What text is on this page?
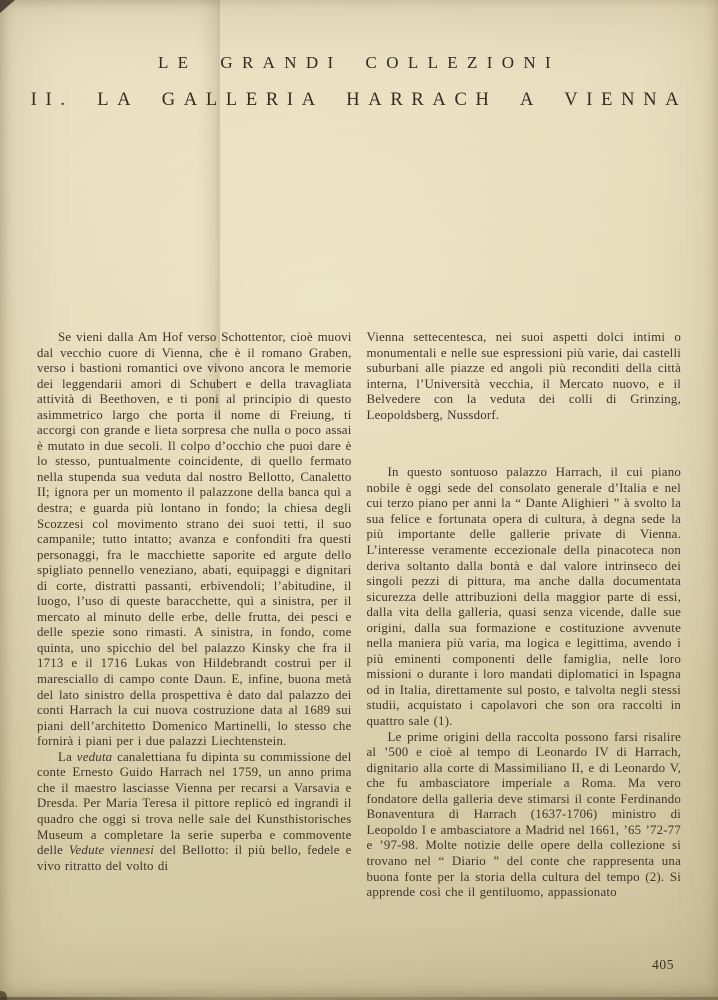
LE GRANDI COLLEZIONI
II. LA GALLERIA HARRACH A VIENNA

Se vieni dalla Am Hof verso Schottentor, cioè muovi dal vecchio cuore di Vienna, che è il romano Graben, verso i bastioni romantici ove vivono ancora le memorie dei leggendarii amori di Schubert e della travagliata attività di Beethoven, e ti poni al principio di questo asimmetrico largo che porta il nome di Freiung, ti accorgi con grande e lieta sorpresa che nulla o poco assai è mutato in due secoli. Il colpo d’occhio che puoi dare è lo stesso, puntualmente coincidente, di quello fermato nella stupenda sua veduta dal nostro Bellotto, Canaletto II; ignora per un momento il palazzone della banca quì a destra; e guarda più lontano in fondo; la chiesa degli Scozzesi col movimento strano dei suoi tetti, il suo campanile; tutto intatto; avanza e confonditi fra questi personaggi, fra le macchiette saporite ed argute dello spigliato pennello veneziano, abati, equipaggi e dignitari di corte, distratti passanti, erbivendoli; l’abitudine, il luogo, l’uso di queste baracchette, quì a sinistra, per il mercato al minuto delle erbe, delle frutta, dei pesci e delle spezie sono rimasti. A sinistra, in fondo, come quinta, uno spicchio del bel palazzo Kinsky che fra il 1713 e il 1716 Lukas von Hildebrandt costruì per il maresciallo di campo conte Daun. E, infine, buona metà del lato sinistro della prospettiva è dato dal palazzo dei conti Harrach la cui nuova costruzione data al 1689 sui piani dell’architetto Domenico Martinelli, lo stesso che fornirà i piani per i due palazzi Liechtenstein.

La veduta canalettiana fu dipinta su commissione del conte Ernesto Guido Harrach nel 1759, un anno prima che il maestro lasciasse Vienna per recarsi a Varsavia e Dresda. Per Maria Teresa il pittore replicò ed ingrandì il quadro che oggi si trova nelle sale del Kunsthistorisches Museum a completare la serie superba e commovente delle Vedute viennesi del Bellotto: il più bello, fedele e vivo ritratto del volto di

Vienna settecentesca, nei suoi aspetti dolci intimi o monumentali e nelle sue espressioni più varie, dai castelli suburbani alle piazze ed angoli più reconditi della città interna, l’Università vecchia, il Mercato nuovo, e il Belvedere con la veduta dei colli di Grinzing, Leopoldsberg, Nussdorf.

In questo sontuoso palazzo Harrach, il cui piano nobile è oggi sede del consolato generale d’Italia e nel cui terzo piano per anni la “ Dante Alighieri ” à svolto la sua felice e fortunata opera di cultura, à degna sede la più importante delle gallerie private di Vienna. L’interesse veramente eccezionale della pinacoteca non deriva soltanto dalla bontà e dal valore intrinseco dei singoli pezzi di pittura, ma anche dalla documentata sicurezza delle attribuzioni della maggior parte di essi, dalla vita della galleria, quasi senza vicende, dalle sue origini, dalla sua formazione e costituzione avvenute nella maniera più varia, ma logica e legittima, avendo i più eminenti componenti delle famiglia, nelle loro missioni o durante i loro mandati diplomatici in Ispagna od in Italia, direttamente sul posto, e talvolta negli stessi studii, acquistato i capolavori che son ora raccolti in quattro sale (1).

Le prime origini della raccolta possono farsi risalire al ’500 e cioè al tempo di Leonardo IV di Harrach, dignitario alla corte di Massimiliano II, e di Leonardo V, che fu ambasciatore imperiale a Roma. Ma vero fondatore della galleria deve stimarsi il conte Ferdinando Bonaventura di Harrach (1637-1706) ministro di Leopoldo I e ambasciatore a Madrid nel 1661, ’65 ’72-77 e ’97-98. Molte notizie delle opere della collezione si trovano nel “ Diario ” del conte che rappresenta una buona fonte per la storia della cultura del tempo (2). Si apprende così che il gentiluomo, appassionato

405
